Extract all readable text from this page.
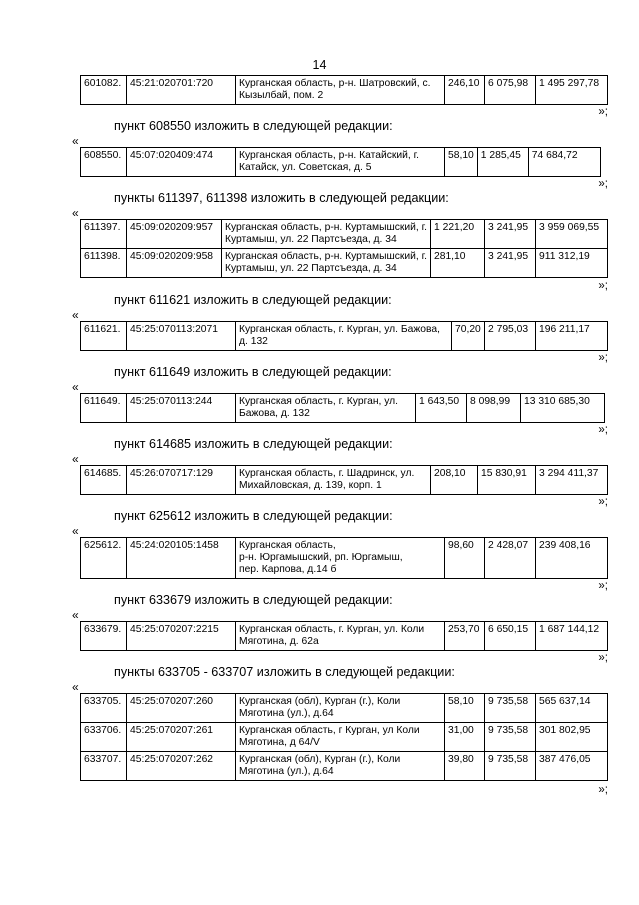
14
601082.	45:21:020701:720	Курганская область, р-н. Шатровский, с. Кызылбай, пом. 2	246,10	6 075,98	1 495 297,78
»;
пункт 608550 изложить в следующей редакции:
«
608550.	45:07:020409:474	Курганская область, р-н. Катайский, г. Катайск, ул. Советская, д. 5	58,10	1 285,45	74 684,72
»;
пункты 611397, 611398 изложить в следующей редакции:
«
611397.	45:09:020209:957	Курганская область, р-н. Куртамышский, г. Куртамыш, ул. 22 Партсъезда, д. 34	1 221,20	3 241,95	3 959 069,55
611398.	45:09:020209:958	Курганская область, р-н. Куртамышский, г. Куртамыш, ул. 22 Партсъезда, д. 34	281,10	3 241,95	911 312,19
»;
пункт 611621 изложить в следующей редакции:
«
611621.	45:25:070113:2071	Курганская область, г. Курган, ул. Бажова, д. 132	70,20	2 795,03	196 211,17
»;
пункт 611649 изложить в следующей редакции:
«
611649.	45:25:070113:244	Курганская область, г. Курган, ул. Бажова, д. 132	1 643,50	8 098,99	13 310 685,30
»;
пункт 614685 изложить в следующей редакции:
«
614685.	45:26:070717:129	Курганская область, г. Шадринск, ул. Михайловская, д. 139, корп. 1	208,10	15 830,91	3 294 411,37
»;
пункт 625612 изложить в следующей редакции:
«
625612.	45:24:020105:1458	Курганская область,
р-н. Юргамышский, рп. Юргамыш,
пер. Карпова, д.14 б	98,60	2 428,07	239 408,16
»;
пункт 633679 изложить в следующей редакции:
«
633679.	45:25:070207:2215	Курганская область, г. Курган, ул. Коли Мяготина, д. 62а	253,70	6 650,15	1 687 144,12
»;
пункты 633705 - 633707 изложить в следующей редакции:
«
633705.	45:25:070207:260	Курганская (обл), Курган (г.), Коли Мяготина (ул.), д.64	58,10	9 735,58	565 637,14
633706.	45:25:070207:261	Курганская область, г Курган, ул Коли Мяготина, д 64/V	31,00	9 735,58	301 802,95
633707.	45:25:070207:262	Курганская (обл), Курган (г.), Коли Мяготина (ул.), д.64	39,80	9 735,58	387 476,05
»;
